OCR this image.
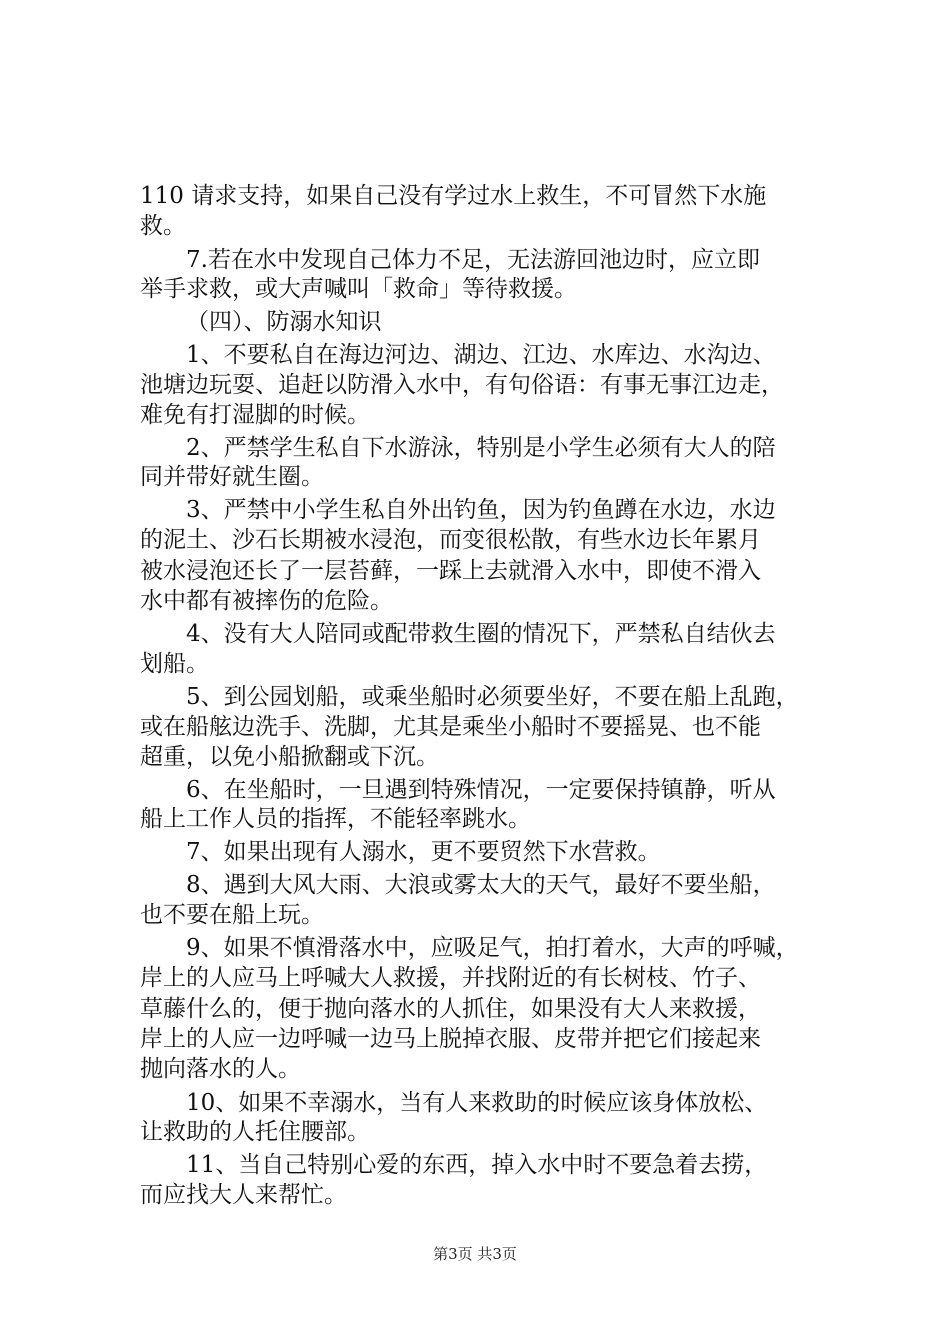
110 请求支持，如果自己没有学过水上救生，不可冒然下水施
救。
7.若在水中发现自己体力不足，无法游回池边时，应立即
举手求救，或大声喊叫「救命」等待救援。
（四）、防溺水知识
1、不要私自在海边河边、湖边、江边、水库边、水沟边、
池塘边玩耍、追赶以防滑入水中，有句俗语：有事无事江边走，
难免有打湿脚的时候。
2、严禁学生私自下水游泳，特别是小学生必须有大人的陪
同并带好就生圈。
3、严禁中小学生私自外出钓鱼，因为钓鱼蹲在水边，水边
的泥土、沙石长期被水浸泡，而变很松散，有些水边长年累月
被水浸泡还长了一层苔藓，一踩上去就滑入水中，即使不滑入
水中都有被摔伤的危险。
4、没有大人陪同或配带救生圈的情况下，严禁私自结伙去
划船。
5、到公园划船，或乘坐船时必须要坐好，不要在船上乱跑，
或在船舷边洗手、洗脚，尤其是乘坐小船时不要摇晃、也不能
超重，以免小船掀翻或下沉。
6、在坐船时，一旦遇到特殊情况，一定要保持镇静，听从
船上工作人员的指挥，不能轻率跳水。
7、如果出现有人溺水，更不要贸然下水营救。
8、遇到大风大雨、大浪或雾太大的天气，最好不要坐船，
也不要在船上玩。
9、如果不慎滑落水中，应吸足气，拍打着水，大声的呼喊，
岸上的人应马上呼喊大人救援，并找附近的有长树枝、竹子、
草藤什么的，便于抛向落水的人抓住，如果没有大人来救援，
岸上的人应一边呼喊一边马上脱掉衣服、皮带并把它们接起来
抛向落水的人。
10、如果不幸溺水，当有人来救助的时候应该身体放松、
让救助的人托住腰部。
11、当自己特别心爱的东西，掉入水中时不要急着去捞，
而应找大人来帮忙。
第3页 共3页
